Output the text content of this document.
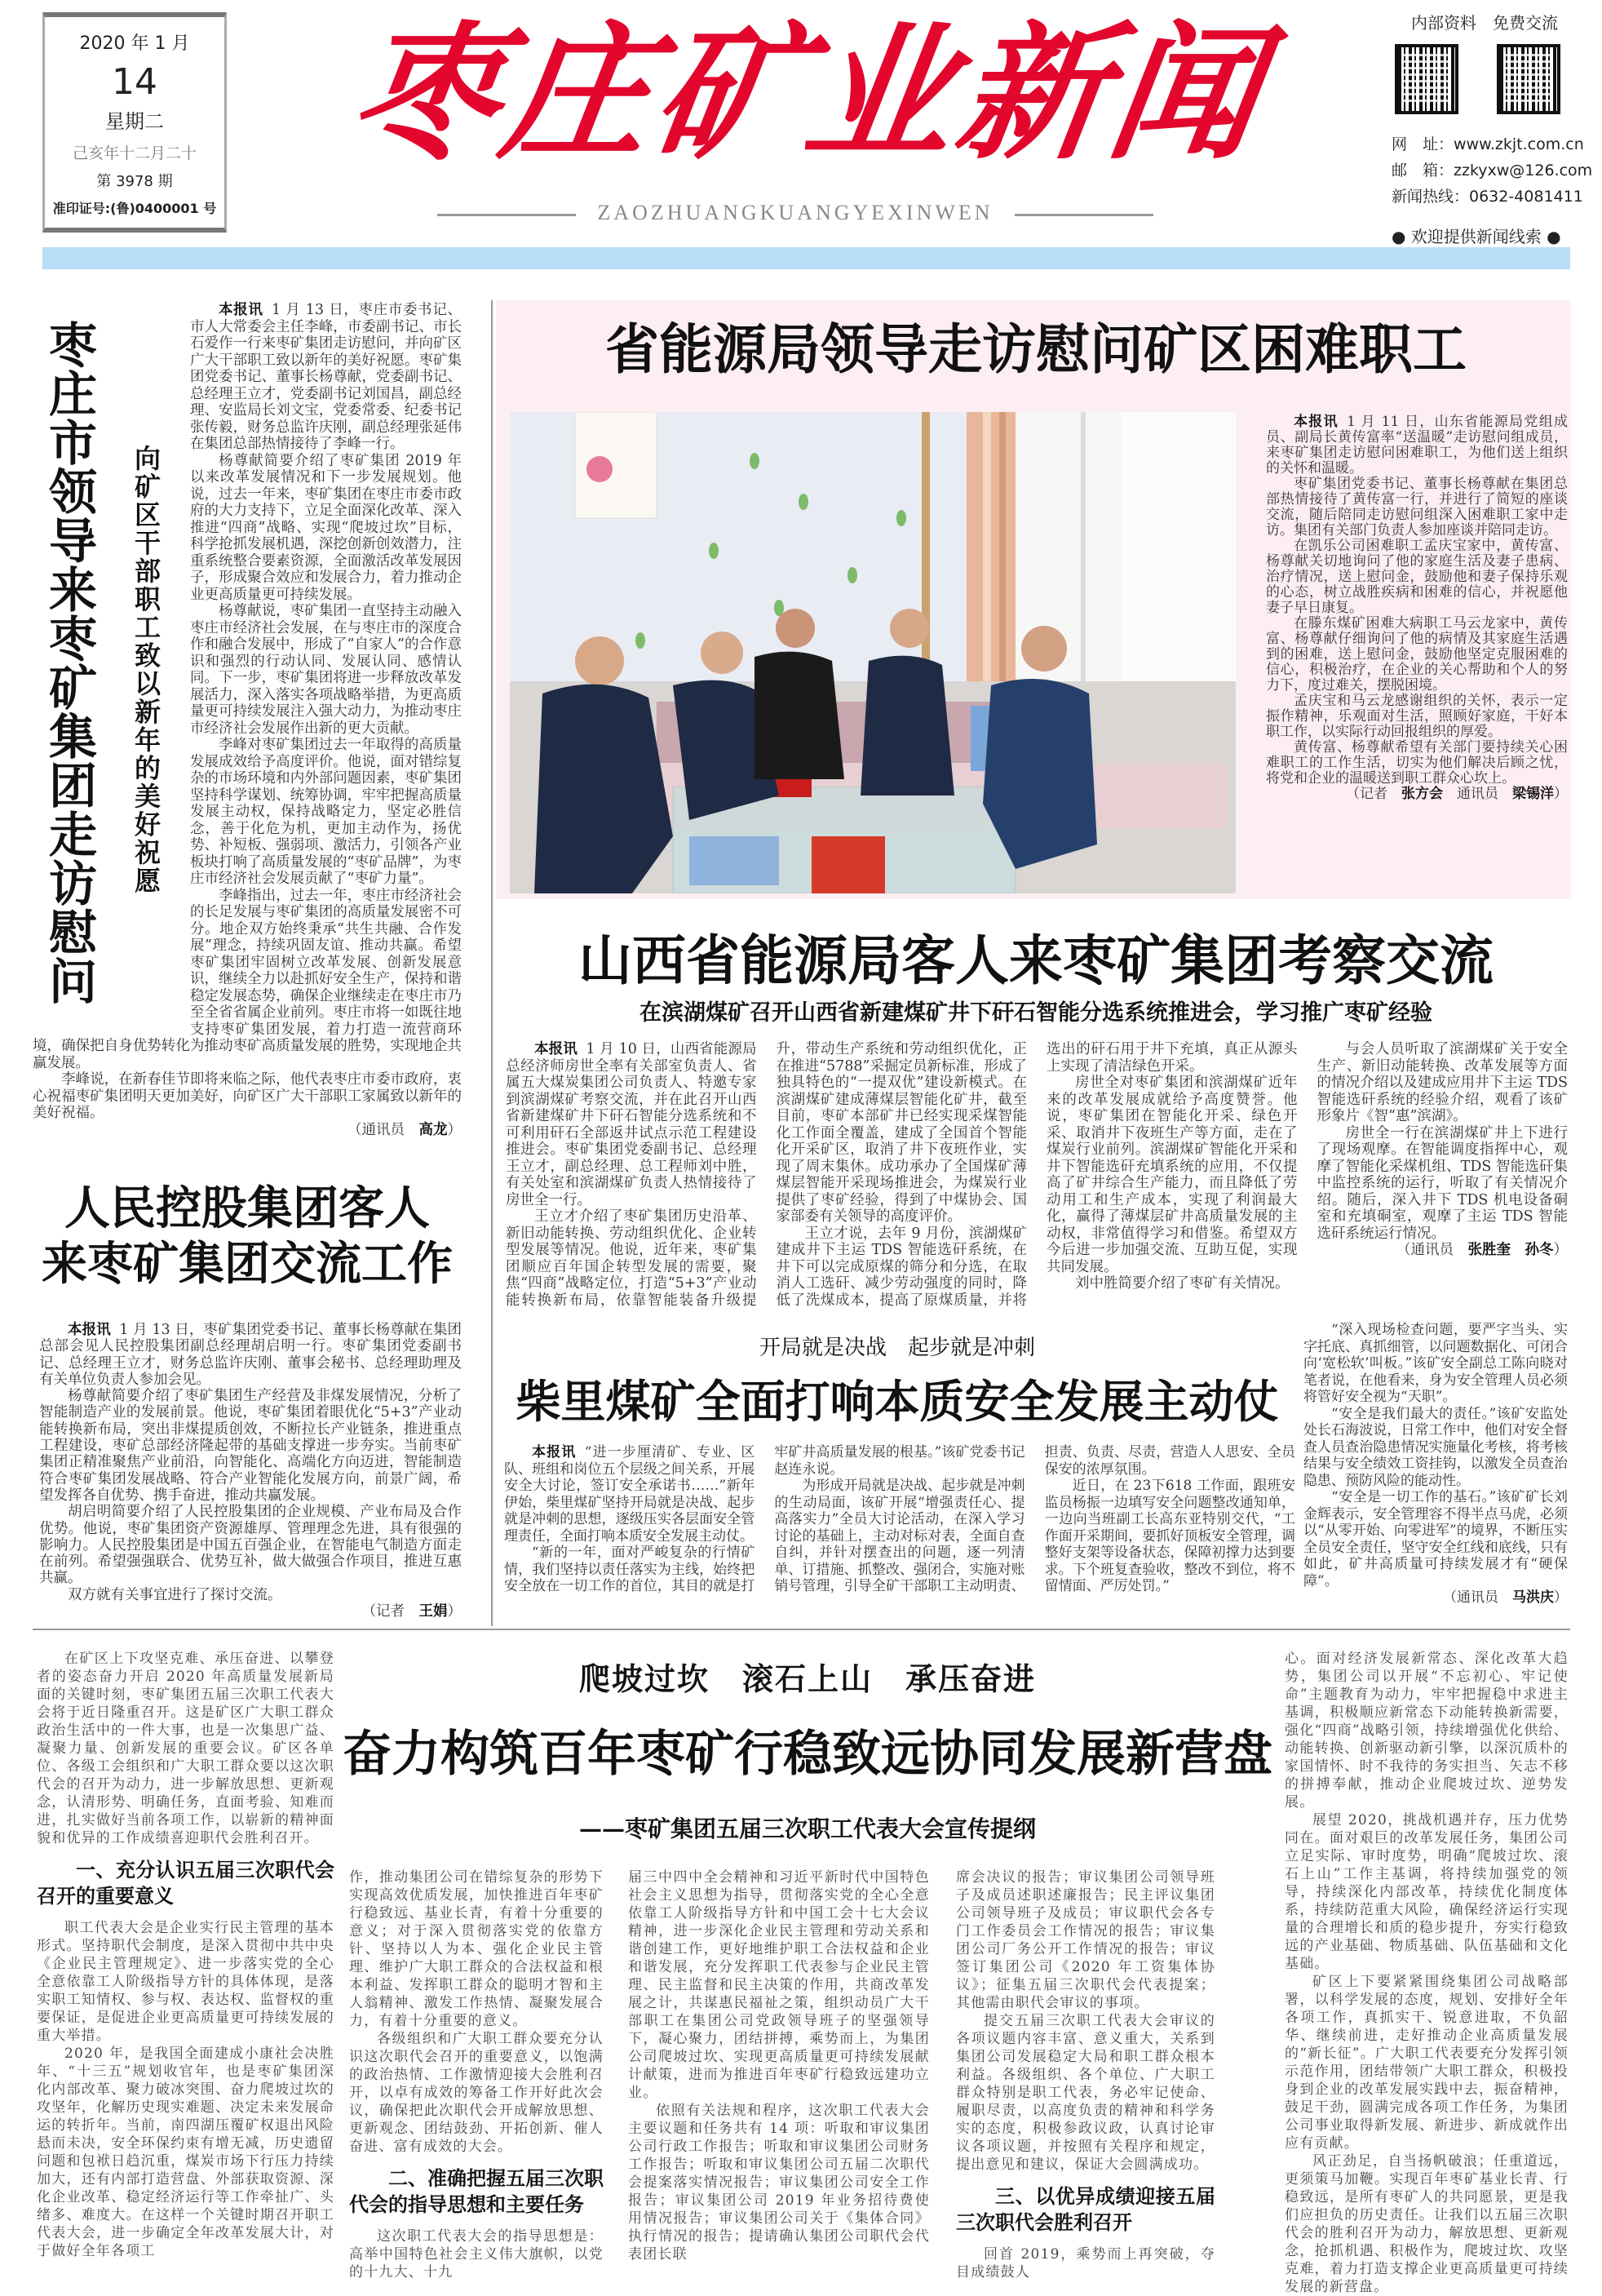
2020 年 1 月
14
星期二
己亥年十二月二十
第 3978 期
准印证号:(鲁)0400001 号
枣庄矿业新闻
ZAOZHUANGKUANGYEXINWEN
内部资料　免费交流
网　址：www.zkjt.com.cn
邮　箱：zzkyxw@126.com
新闻热线：0632-4081411
● 欢迎提供新闻线索 ●
枣庄市领导来枣矿集团走访慰问 向矿区干部职工致以新年的美好祝愿

本报讯 1 月 13 日，枣庄市委书记、市人大常委会主任李峰，市委副书记、市长石爱作一行来枣矿集团走访慰问，并向矿区广大干部职工致以新年的美好祝愿。枣矿集团党委书记、董事长杨尊献，党委副书记、总经理王立才，党委副书记刘国昌，副总经理、安监局长刘文宝，党委常委、纪委书记张传毅，财务总监许庆刚，副总经理张延伟在集团总部热情接待了李峰一行。

杨尊献简要介绍了枣矿集团 2019 年以来改革发展情况和下一步发展规划。他说，过去一年来，枣矿集团在枣庄市委市政府的大力支持下，立足全面深化改革、深入推进“四商”战略、实现“爬坡过坎”目标，科学抢抓发展机遇，深挖创新创效潜力，注重系统整合要素资源，全面激活改革发展因子，形成聚合效应和发展合力，着力推动企业更高质量更可持续发展。

杨尊献说，枣矿集团一直坚持主动融入枣庄市经济社会发展，在与枣庄市的深度合作和融合发展中，形成了“自家人”的合作意识和强烈的行动认同、发展认同、感情认同。下一步，枣矿集团将进一步释放改革发展活力，深入落实各项战略举措，为更高质量更可持续发展注入强大动力，为推动枣庄市经济社会发展作出新的更大贡献。

李峰对枣矿集团过去一年取得的高质量发展成效给予高度评价。他说，面对错综复杂的市场环境和内外部问题因素，枣矿集团坚持科学谋划、统筹协调，牢牢把握高质量发展主动权，保持战略定力，坚定必胜信念，善于化危为机，更加主动作为，扬优势、补短板、强弱项、激活力，引领各产业板块打响了高质量发展的“枣矿品牌”，为枣庄市经济社会发展贡献了“枣矿力量”。

李峰指出，过去一年，枣庄市经济社会的长足发展与枣矿集团的高质量发展密不可分。地企双方始终秉承“共生共融、合作发展”理念，持续巩固友谊、推动共赢。希望枣矿集团牢固树立改革发展、创新发展意识，继续全力以赴抓好安全生产，保持和谐稳定发展态势，确保企业继续走在枣庄市乃至全省省属企业前列。枣庄市将一如既往地支持枣矿集团发展，着力打造一流营商环境，确保把自身优势转化为推动枣矿高质量发展的胜势，实现地企共赢发展。

李峰说，在新春佳节即将来临之际，他代表枣庄市委市政府，衷心祝福枣矿集团明天更加美好，向矿区广大干部职工家属致以新年的美好祝福。

（通讯员　高龙）

省能源局领导走访慰问矿区困难职工

本报讯 1 月 11 日，山东省能源局党组成员、副局长黄传富率“送温暖”走访慰问组成员，来枣矿集团走访慰问困难职工，为他们送上组织的关怀和温暖。

枣矿集团党委书记、董事长杨尊献在集团总部热情接待了黄传富一行，并进行了简短的座谈交流，随后陪同走访慰问组深入困难职工家中走访。集团有关部门负责人参加座谈并陪同走访。

在凯乐公司困难职工孟庆宝家中，黄传富、杨尊献关切地询问了他的家庭生活及妻子患病、治疗情况，送上慰问金，鼓励他和妻子保持乐观的心态，树立战胜疾病和困难的信心，并祝愿他妻子早日康复。

在滕东煤矿困难大病职工马云龙家中，黄传富、杨尊献仔细询问了他的病情及其家庭生活遇到的困难，送上慰问金，鼓励他坚定克服困难的信心，积极治疗，在企业的关心帮助和个人的努力下，度过难关，摆脱困境。

孟庆宝和马云龙感谢组织的关怀，表示一定振作精神，乐观面对生活，照顾好家庭，干好本职工作，以实际行动回报组织的厚爱。

黄传富、杨尊献希望有关部门要持续关心困难职工的工作生活，切实为他们解决后顾之忧，将党和企业的温暖送到职工群众心坎上。

（记者　张方会　通讯员　梁锡洋）

山西省能源局客人来枣矿集团考察交流
在滨湖煤矿召开山西省新建煤矿井下矸石智能分选系统推进会，学习推广枣矿经验

本报讯 1 月 10 日，山西省能源局总经济师房世全率有关部室负责人、省属五大煤炭集团公司负责人、特邀专家到滨湖煤矿考察交流，并在此召开山西省新建煤矿井下矸石智能分选系统和不可利用矸石全部返井试点示范工程建设推进会。枣矿集团党委副书记、总经理王立才，副总经理、总工程师刘中胜，有关处室和滨湖煤矿负责人热情接待了房世全一行。

王立才介绍了枣矿集团历史沿革、新旧动能转换、劳动组织优化、企业转型发展等情况。他说，近年来，枣矿集团顺应百年国企转型发展的需要，聚焦“四商”战略定位，打造“5+3”产业动能转换新布局，依靠智能装备升级提升，带动生产系统和劳动组织优化，正在推进“5788”采掘定员新标准，形成了独具特色的“一提双优”建设新模式。在滨湖煤矿建成薄煤层智能化矿井，截至目前，枣矿本部矿井已经实现采煤智能化工作面全覆盖，建成了全国首个智能化开采矿区，取消了井下夜班作业，实现了周末集休。成功承办了全国煤矿薄煤层智能开采现场推进会，为煤炭行业提供了枣矿经验，得到了中煤协会、国家部委有关领导的高度评价。

王立才说，去年 9 月份，滨湖煤矿建成井下主运 TDS 智能选矸系统，在井下可以完成原煤的筛分和分选，在取消人工选矸、减少劳动强度的同时，降低了洗煤成本，提高了原煤质量，并将选出的矸石用于井下充填，真正从源头上实现了清洁绿色开采。

房世全对枣矿集团和滨湖煤矿近年来的改革发展成就给予高度赞誉。他说，枣矿集团在智能化开采、绿色开采、取消井下夜班生产等方面，走在了煤炭行业前列。滨湖煤矿智能化开采和井下智能选矸充填系统的应用，不仅提高了矿井综合生产能力，而且降低了劳动用工和生产成本，实现了利润最大化，赢得了薄煤层矿井高质量发展的主动权，非常值得学习和借鉴。希望双方今后进一步加强交流、互助互促，实现共同发展。

刘中胜简要介绍了枣矿有关情况。

与会人员听取了滨湖煤矿关于安全生产、新旧动能转换、改革发展等方面的情况介绍以及建成应用井下主运 TDS 智能选矸系统的经验介绍，观看了该矿形象片《智“惠”滨湖》。

房世全一行在滨湖煤矿井上下进行了现场观摩。在智能调度指挥中心，观摩了智能化采煤机组、TDS 智能选矸集中监控系统的运行，听取了有关情况介绍。随后，深入井下 TDS 机电设备硐室和充填硐室，观摩了主运 TDS 智能选矸系统运行情况。

（通讯员　张胜奎　孙冬）

人民控股集团客人
来枣矿集团交流工作

本报讯 1 月 13 日，枣矿集团党委书记、董事长杨尊献在集团总部会见人民控股集团副总经理胡启明一行。枣矿集团党委副书记、总经理王立才，财务总监许庆刚、董事会秘书、总经理助理及有关单位负责人参加会见。

杨尊献简要介绍了枣矿集团生产经营及非煤发展情况，分析了智能制造产业的发展前景。他说，枣矿集团着眼优化“5+3”产业动能转换新布局，突出非煤提质创效，不断拉长产业链条，推进重点工程建设，枣矿总部经济隆起带的基础支撑进一步夯实。当前枣矿集团正精准聚焦产业前沿，向智能化、高端化方向迈进，智能制造符合枣矿集团发展战略、符合产业智能化发展方向，前景广阔，希望发挥各自优势、携手奋进，推动共赢发展。

胡启明简要介绍了人民控股集团的企业规模、产业布局及合作优势。他说，枣矿集团资产资源雄厚、管理理念先进，具有很强的影响力。人民控股集团是中国五百强企业，在智能电气制造方面走在前列。希望强强联合、优势互补，做大做强合作项目，推进互惠共赢。

双方就有关事宜进行了探讨交流。

（记者　王娟）

开局就是决战　起步就是冲刺
柴里煤矿全面打响本质安全发展主动仗

本报讯 “进一步厘清矿、专业、区队、班组和岗位五个层级之间关系，开展安全大讨论，签订安全承诺书……”新年伊始，柴里煤矿坚持开局就是决战、起步就是冲刺的思想，逐级压实各层面安全管理责任，全面打响本质安全发展主动仗。

“新的一年，面对严峻复杂的行情矿情，我们坚持以责任落实为主线，始终把安全放在一切工作的首位，其目的就是打牢矿井高质量发展的根基。”该矿党委书记赵连永说。

为形成开局就是决战、起步就是冲刺的生动局面，该矿开展“增强责任心、提高落实力”全员大讨论活动，在深入学习讨论的基础上，主动对标对表，全面自查自纠，并针对摆查出的问题，逐一列清单、订措施、抓整改、强闭合，实施对账销号管理，引导全矿干部职工主动明责、担责、负责、尽责，营造人人思安、全员保安的浓厚氛围。

近日，在 23下618 工作面，跟班安监员杨振一边填写安全问题整改通知单，一边向当班副工长高东亚特别交代，“工作面开采期间，要抓好顶板安全管理，调整好支架等设备状态，保障初撑力达到要求。下个班复查验收，整改不到位，将不留情面、严厉处罚。”

“深入现场检查问题，要严字当头、实字托底、真抓细管，以问题数据化、可闭合向‘宽松软’叫板。”该矿安全副总工陈向晓对笔者说，在他看来，身为安全管理人员必须将管好安全视为“天职”。

“安全是我们最大的责任。”该矿安监处处长石海波说，日常工作中，他们对安全督查人员查治隐患情况实施量化考核，将考核结果与安全绩效工资挂钩，以激发全员查治隐患、预防风险的能动性。

“安全是一切工作的基石。”该矿矿长刘金辉表示，安全管理容不得半点马虎，必须以“从零开始、向零进军”的境界，不断压实全员安全责任，坚守安全红线和底线，只有如此，矿井高质量可持续发展才有“硬保障”。

（通讯员　马洪庆）

爬坡过坎　滚石上山　承压奋进
奋力构筑百年枣矿行稳致远协同发展新营盘
——枣矿集团五届三次职工代表大会宣传提纲

在矿区上下攻坚克难、承压奋进、以攀登者的姿态奋力开启 2020 年高质量发展新局面的关键时刻，枣矿集团五届三次职工代表大会将于近日隆重召开。这是矿区广大职工群众政治生活中的一件大事，也是一次集思广益、凝聚力量、创新发展的重要会议。矿区各单位、各级工会组织和广大职工群众要以这次职代会的召开为动力，进一步解放思想、更新观念，认清形势、明确任务，直面考验、知难而进，扎实做好当前各项工作，以崭新的精神面貌和优异的工作成绩喜迎职代会胜利召开。

一、充分认识五届三次职代会召开的重要意义

职工代表大会是企业实行民主管理的基本形式。坚持职代会制度，是深入贯彻中共中央《企业民主管理规定》、进一步落实党的全心全意依靠工人阶级指导方针的具体体现，是落实职工知情权、参与权、表达权、监督权的重要保证，是促进企业更高质量更可持续发展的重大举措。

2020 年，是我国全面建成小康社会决胜年、“十三五”规划收官年，也是枣矿集团深化内部改革、聚力破冰突围、奋力爬坡过坎的攻坚年，化解历史现实难题、决定未来发展命运的转折年。当前，南四湖压覆矿权退出风险悬而未决，安全环保约束有增无减，历史遗留问题和包袱日趋沉重，煤炭市场下行压力持续加大，还有内部打造营盘、外部获取资源、深化企业改革、稳定经济运行等工作牵扯广、头绪多、难度大。在这样一个关键时期召开职工代表大会，进一步确定全年改革发展大计，对于做好全年各项工

作，推动集团公司在错综复杂的形势下实现高效优质发展，加快推进百年枣矿行稳致远、基业长青，有着十分重要的意义；对于深入贯彻落实党的依靠方针、坚持以人为本、强化企业民主管理、维护广大职工群众的合法权益和根本利益、发挥职工群众的聪明才智和主人翁精神、激发工作热情、凝聚发展合力，有着十分重要的意义。

各级组织和广大职工群众要充分认识这次职代会召开的重要意义，以饱满的政治热情、工作激情迎接大会胜利召开，以卓有成效的筹备工作开好此次会议，确保把此次职代会开成解放思想、更新观念、团结鼓劲、开拓创新、催人奋进、富有成效的大会。

二、准确把握五届三次职代会的指导思想和主要任务

这次职工代表大会的指导思想是：高举中国特色社会主义伟大旗帜，以党的十九大、十九

届三中四中全会精神和习近平新时代中国特色社会主义思想为指导，贯彻落实党的全心全意依靠工人阶级指导方针和中国工会十七大会议精神，进一步深化企业民主管理和劳动关系和谐创建工作，更好地维护职工合法权益和企业和谐发展，充分发挥职工代表参与企业民主管理、民主监督和民主决策的作用，共商改革发展之计，共谋惠民福祉之策，组织动员广大干部职工在集团公司党政领导班子的坚强领导下，凝心聚力，团结拼搏，乘势而上，为集团公司爬坡过坎、实现更高质量更可持续发展献计献策，进而为推进百年枣矿行稳致远建功立业。

依照有关法规和程序，这次职工代表大会主要议题和任务共有 14 项：听取和审议集团公司行政工作报告；听取和审议集团公司财务工作报告；听取和审议集团公司五届二次职代会提案落实情况报告；审议集团公司安全工作报告；审议集团公司 2019 年业务招待费使用情况报告；审议集团公司关于《集体合同》执行情况的报告；提请确认集团公司职代会代表团长联

席会决议的报告；审议集团公司领导班子及成员述职述廉报告；民主评议集团公司领导班子及成员；审议职代会各专门工作委员会工作情况的报告；审议集团公司厂务公开工作情况的报告；审议签订集团公司《2020 年工资集体协议》；征集五届三次职代会代表提案；其他需由职代会审议的事项。

提交五届三次职工代表大会审议的各项议题内容丰富、意义重大，关系到集团公司发展稳定大局和职工群众根本利益。各级组织、各个单位、广大职工群众特别是职工代表，务必牢记使命、履职尽责，以高度负责的精神和科学务实的态度，积极参政议政，认真讨论审议各项议题，并按照有关程序和规定，提出意见和建议，保证大会圆满成功。

三、以优异成绩迎接五届三次职代会胜利召开

回首 2019，乘势而上再突破，夺目成绩鼓人

心。面对经济发展新常态、深化改革大趋势，集团公司以开展“不忘初心、牢记使命”主题教育为动力，牢牢把握稳中求进主基调，积极顺应新常态下动能转换新需要，强化“四商”战略引领，持续增强优化供给、动能转换、创新驱动新引擎，以深沉质朴的家国情怀、时不我待的务实担当、矢志不移的拼搏奉献，推动企业爬坡过坎、逆势发展。

展望 2020，挑战机遇并存，压力优势同在。面对艰巨的改革发展任务，集团公司立足实际、审时度势，明确“爬坡过坎、滚石上山”工作主基调，将持续加强党的领导，持续深化内部改革，持续优化制度体系，持续防范重大风险，确保经济运行实现量的合理增长和质的稳步提升，夯实行稳致远的产业基础、物质基础、队伍基础和文化基础。

矿区上下要紧紧围绕集团公司战略部署，以科学发展的态度，规划、安排好全年各项工作，真抓实干、锐意进取，不负韶华、继续前进，走好推动企业高质量发展的“新长征”。广大职工代表要充分发挥引领示范作用，团结带领广大职工群众，积极投身到企业的改革发展实践中去，振奋精神，鼓足干劲，圆满完成各项工作任务，为集团公司事业取得新发展、新进步、新成就作出应有贡献。

风正劲足，自当扬帆破浪；任重道远，更须策马加鞭。实现百年枣矿基业长青、行稳致远，是所有枣矿人的共同愿景，更是我们应担负的历史责任。让我们以五届三次职代会的胜利召开为动力，解放思想、更新观念，抢抓机遇、积极作为，爬坡过坎、攻坚克难，着力打造支撑企业更高质量更可持续发展的新营盘。
